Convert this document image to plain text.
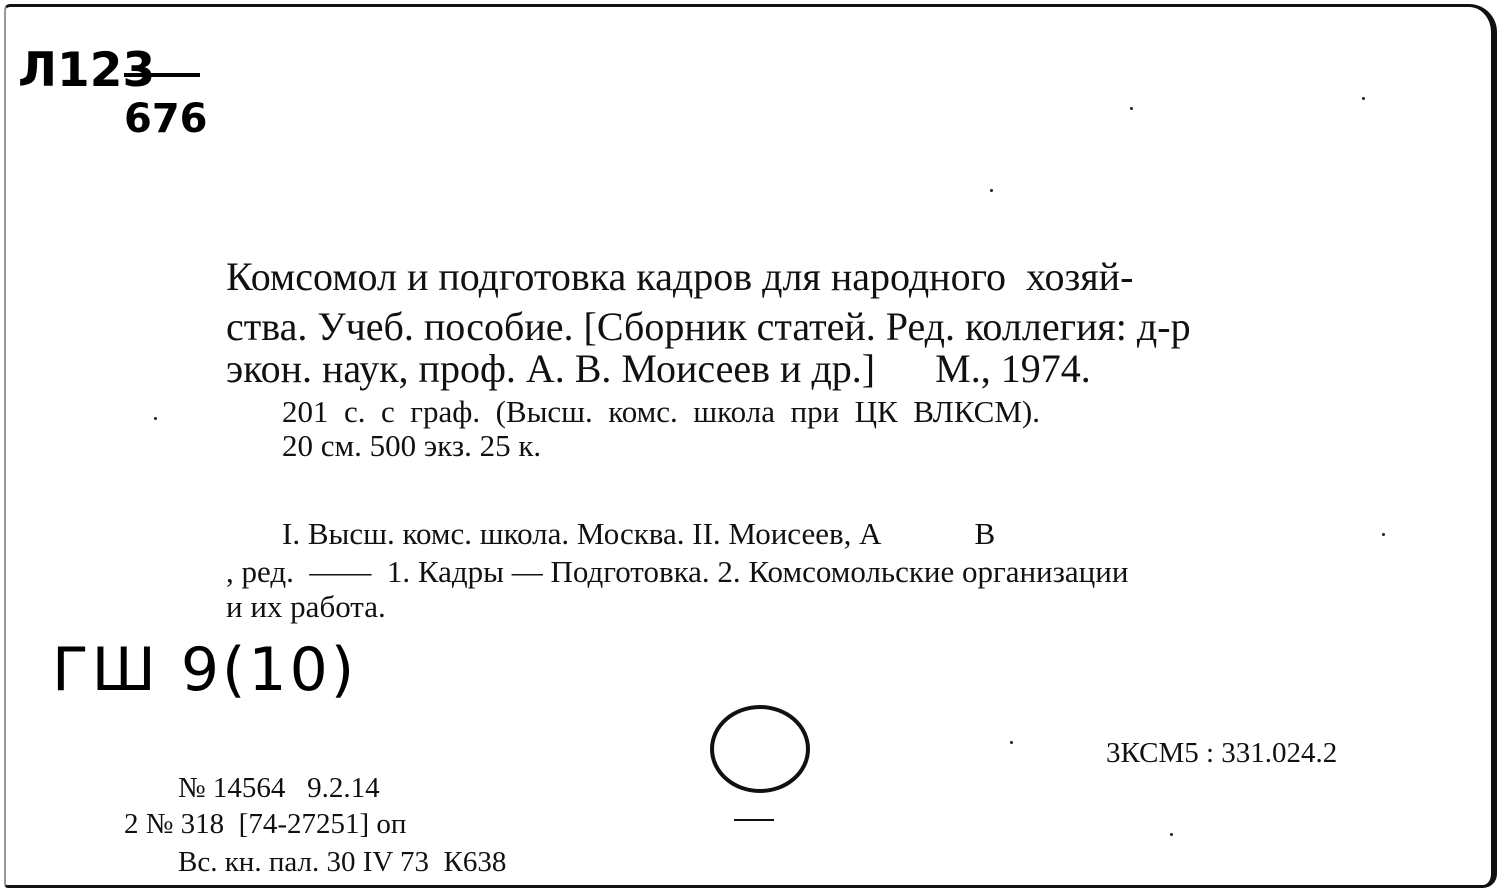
Л123
676
Комсомол и подготовка кадров для народного  хозяй-
ства. Учеб. пособие. [Сборник статей. Ред. коллегия: д-р
экон. наук, проф. А. В. Моисеев и др.]      М., 1974.
201  с.  с  граф.  (Высш.  комс.  школа  при  ЦК  ВЛКСМ).
20 см. 500 экз. 25 к.
I. Высш. комс. школа. Москва. II. Моисеев, А            В
, ред.  ——  1. Кадры — Подготовка. 2. Комсомольские организации
и их работа.
ГШ 9(10)
3КСМ5 : 331.024.2
№ 14564   9.2.14
2 № 318  [74-27251] оп
Вс. кн. пал. 30 IV 73  К638
